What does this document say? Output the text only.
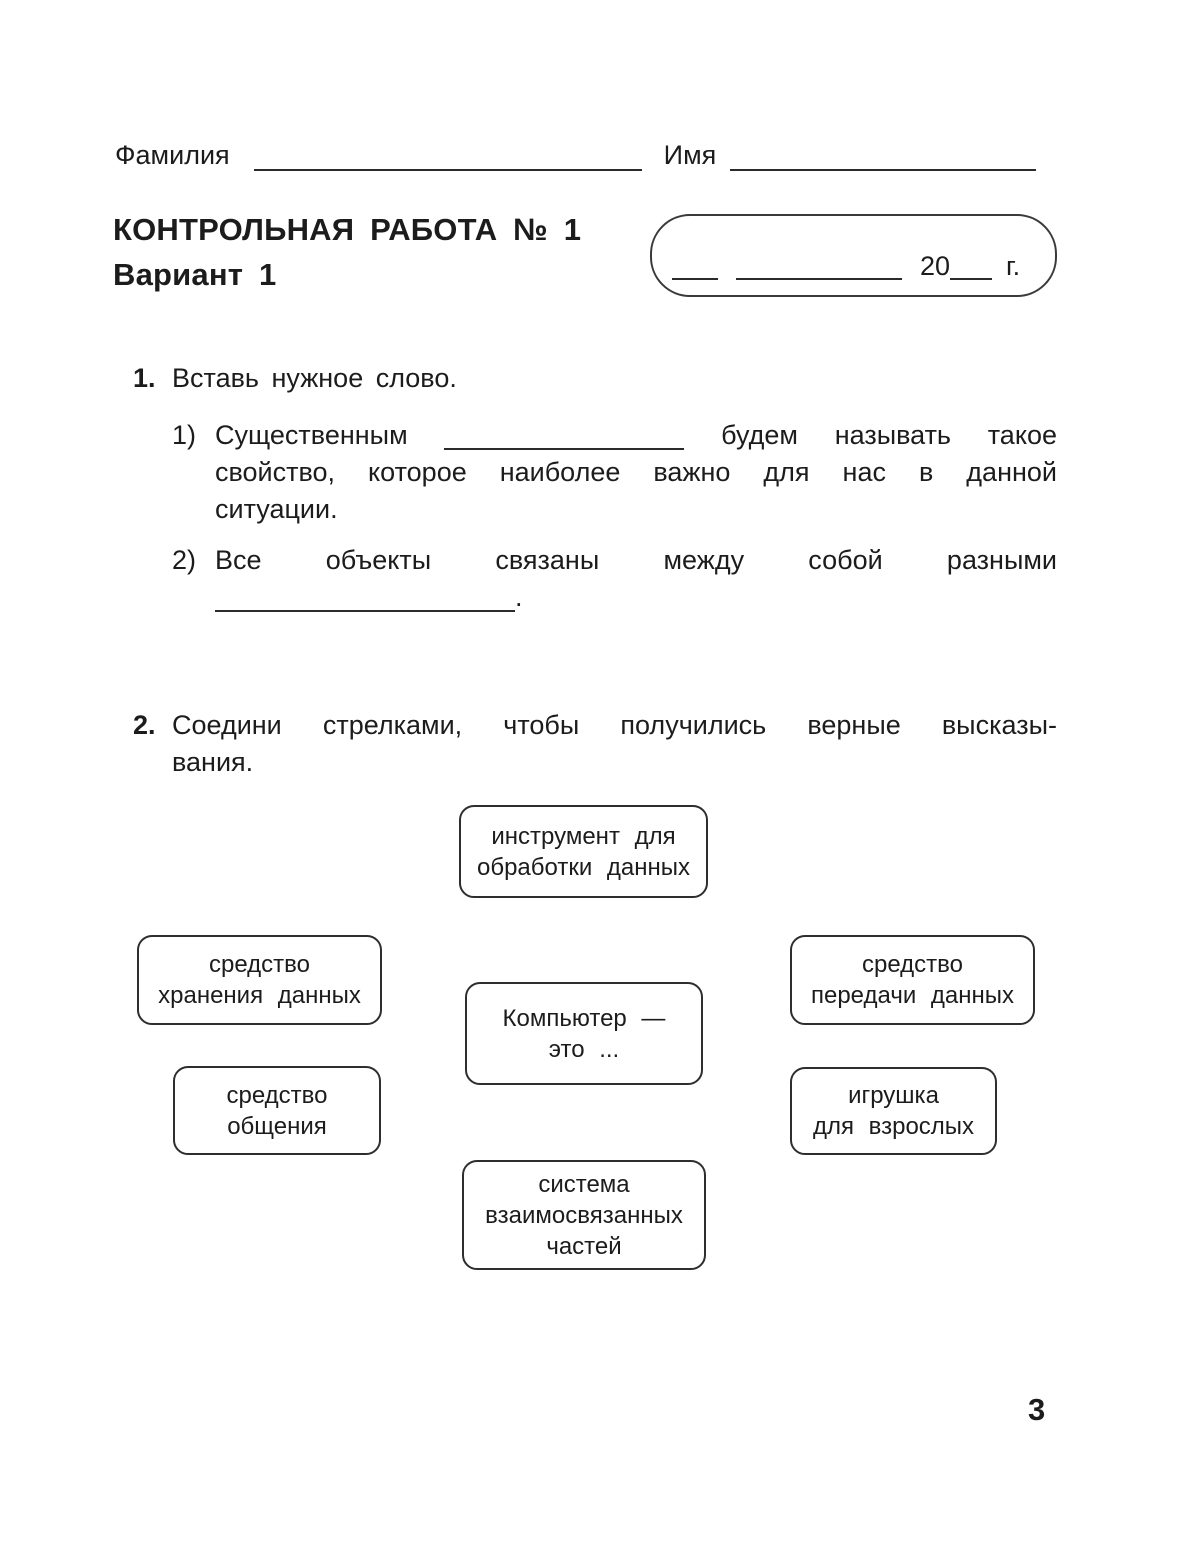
Фамилия	Имя
КОНТРОЛЬНАЯ РАБОТА № 1
Вариант 1	20 г.
1. Вставь нужное слово.
1) Существенным	будем называть такое
свойство, которое наиболее важно для нас в данной
ситуации.
2) Все объекты связаны между собой разными
.
2. Соедини стрелками, чтобы получились верные высказы-
вания.
инструмент для
обработки данных
средство
хранения данных
средство
передачи данных
Компьютер —
это ...
средство
общения
игрушка
для взрослых
система
взаимосвязанных
частей
3
